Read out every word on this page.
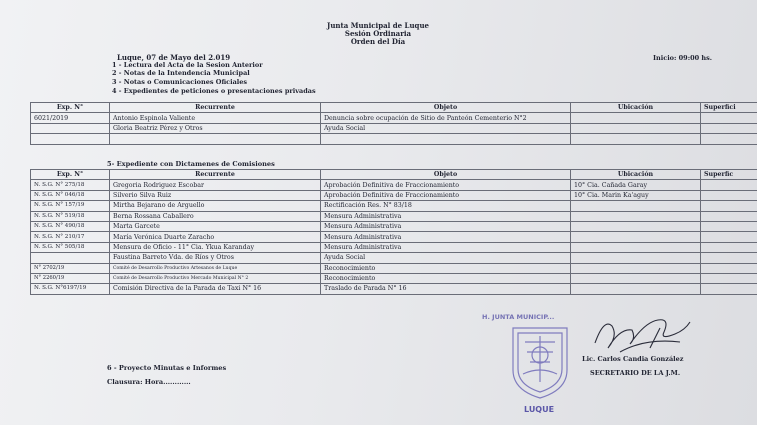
Junta Municipal de Luque
Sesión Ordinaria
Orden del Día
Luque, 07 de Mayo del 2.019	Inicio: 09:00 hs.
1 - Lectura del Acta de la Sesion Anterior
2 - Notas de la Intendencia Municipal
3 - Notas o Comunicaciones Oficiales
4 - Expedientes de peticiones o presentaciones privadas
Exp. N°	Recurrente	Objeto	Ubicación	Superfici
6021/2019	Antonio Espinola Valiente	Denuncia sobre ocupación de Sitio de Panteón Cementerio N°2		
	Gloria Beatriz Pérez y Otros	Ayuda Social		

5- Expediente con Dictamenes de Comisiones
Exp. N°	Recurrente	Objeto	Ubicación	Superfic
N. S.G. N° 275/18	Gregoria Rodriguez Escobar	Aprobación Definitiva de Fraccionamiento	10° Cia. Cañada Garay	
N. S.G. N° 046/18	Silverio Silva Ruiz	Aprobación Definitiva de Fraccionamiento	10° Cia. Marin Ka'aguy	
N. S.G. N° 157/19	Mirtha Bejarano de Arguello	Rectificación Res. N° 83/18		
N. S.G. N° 519/18	Berna Rossana Caballero	Mensura Administrativa		
N. S.G. N° 490/18	Marta Garcete	Mensura Administrativa		
N. S.G. N° 210/17	María Verónica Duarte Zaracho	Mensura Administrativa		
N. S.G. N° 505/18	Mensura de Oficio - 11° Cia. Ykua Karanday	Mensura Administrativa		
	Faustina Barreto Vda. de Ríos y Otros	Ayuda Social		
N° 2702/19	Comité de Desarrollo Productivo Artesanos de Luque	Reconocimiento		
N° 2260/19	Comité de Desarrollo Productivo Mercado Municipal N° 2	Reconocimiento		
N. S.G. N°6197/19	Comisión Directiva de la Parada de Taxi N° 16	Traslado de Parada N° 16		
H. JUNTA MUNICIP...
LUQUE
Lic. Carlos Candia González
SECRETARIO DE LA J.M.
6 - Proyecto Minutas e Informes
Clausura: Hora............
